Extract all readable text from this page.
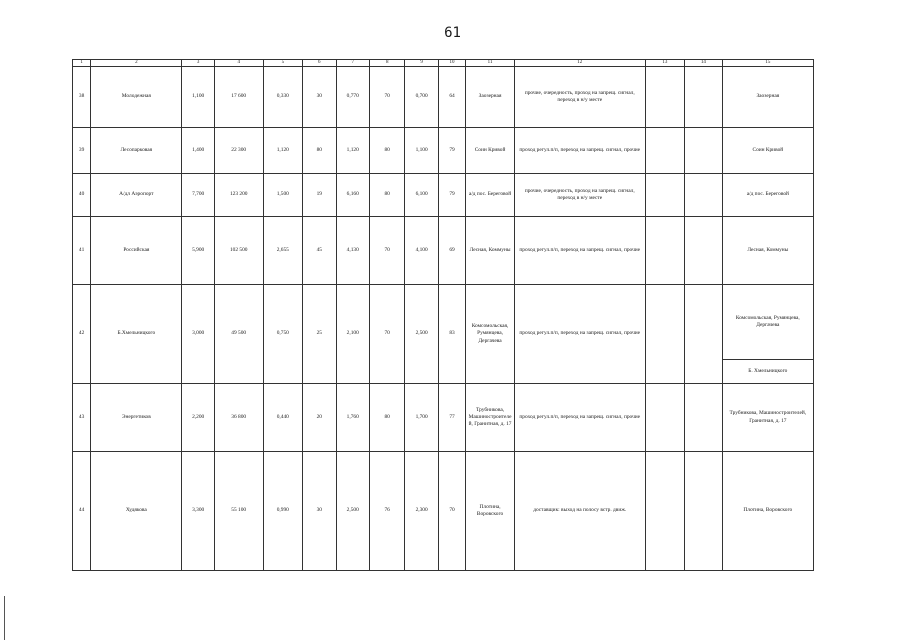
61
1	2	3	4	5	6	7	8	9	10	11	12	13	14	15
38	Молодежная	1,100	17 600	0,330	30	0,770	70	0,700	64	Заозерная	прочие, очередность, проход на запрещ. сигнал, переход в н/у месте			Заозерная
39	Лесопарковая	1,400	22 300	1,120	80	1,120	80	1,100	79	Соин Кривой	проход регул.п/п, переход на запрещ. сигнал, прочие			Соин Кривой
40	А/дл Аэропорт	7,700	123 200	1,500	19	6,160	80	6,100	79	а/д пос. Береговой	прочие, очередность, проход на запрещ. сигнал, переход в н/у месте			а/д пос. Береговой
41	Российская	5,900	102 500	2,655	45	4,130	70	4,100	69	Лесная, Коммуны	проход регул.п/п, переход на запрещ. сигнал, прочие			Лесная, Коммуны
42	Б.Хмельницкого	3,000	49 500	0,750	25	2,100	70	2,500	83	Комсомольская, Румянцева, Дергачева	проход регул.п/п, переход на запрещ. сигнал, прочие			Комсомольская, Румянцева, Дергачева
														Б. Хмельницкого
43	Энергетиков	2,200	36 800	0,440	20	1,760	80	1,700	77	Трубникова, Машиностроителей, Гранитная, д. 17	проход регул.п/п, переход на запрещ. сигнал, прочие			Трубникова, Машиностроителей, Гранитная, д. 17
44	Худякова	3,300	55 100	0,990	30	2,500	76	2,300	70	Плотина, Воровского	доставщик: выход на полосу встр. движ.			Плотина, Воровского
